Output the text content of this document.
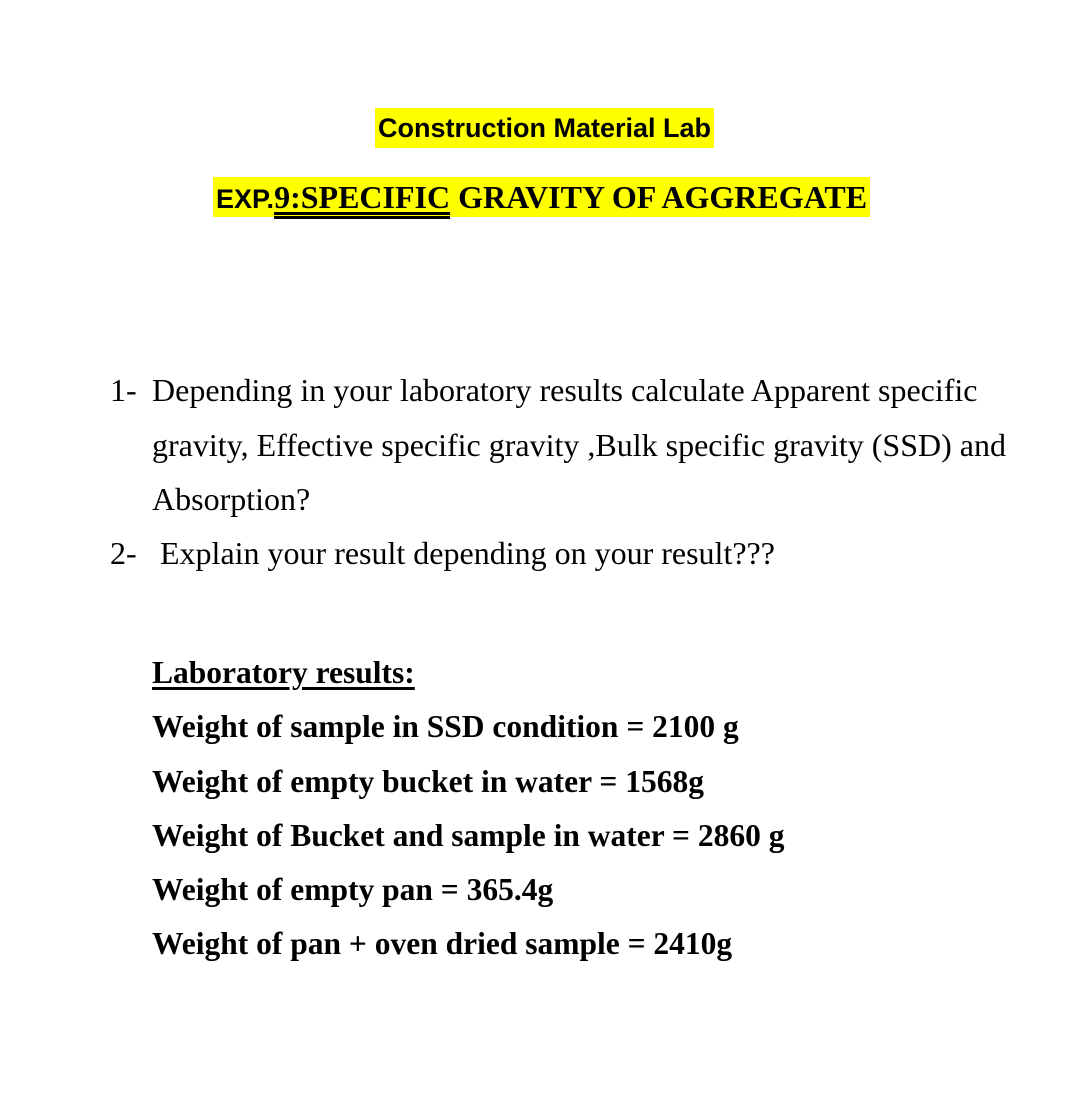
Construction Material Lab
EXP.9:SPECIFIC GRAVITY OF AGGREGATE
1- Depending in your laboratory results calculate Apparent specific
gravity, Effective specific gravity ,Bulk specific gravity (SSD) and
Absorption?
2- Explain your result depending on your result???
Laboratory results:
Weight of sample in SSD condition = 2100 g
Weight of empty bucket in water = 1568g
Weight of Bucket and sample in water = 2860 g
Weight of empty pan = 365.4g
Weight of pan + oven dried sample = 2410g
